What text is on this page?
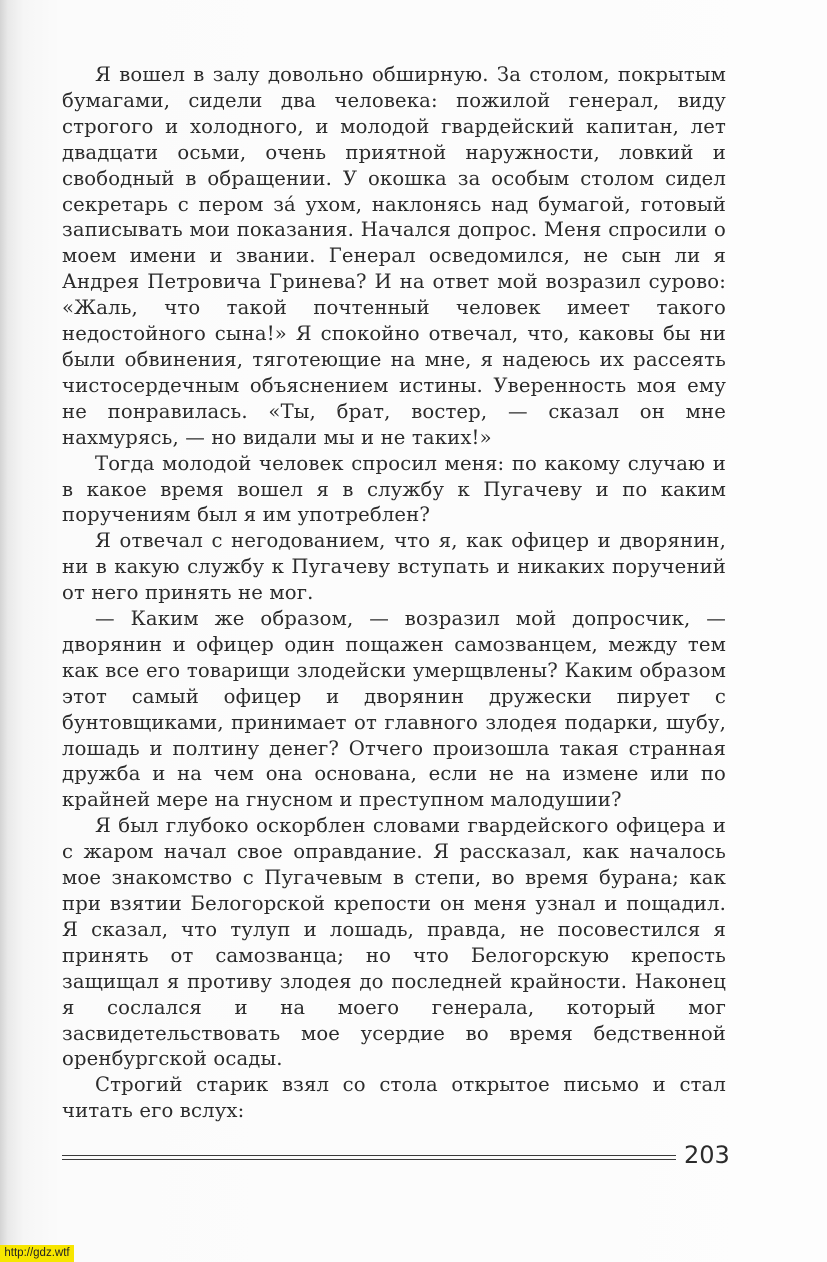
Я вошел в залу довольно обширную. За столом, покрытым бумагами, сидели два человека: пожилой генерал, виду строгого и холодного, и молодой гвардейский капитан, лет двадцати осьми, очень приятной наружности, ловкий и свободный в обращении. У окошка за особым столом сидел секретарь с пером за́ ухом, наклонясь над бумагой, готовый записывать мои показания. Начался допрос. Меня спросили о моем имени и звании. Генерал осведомился, не сын ли я Андрея Петровича Гринева? И на ответ мой возразил сурово: «Жаль, что такой почтенный человек имеет такого недостойного сына!» Я спокойно отвечал, что, каковы бы ни были обвинения, тяготеющие на мне, я надеюсь их рассеять чистосердечным объяснением истины. Уверенность моя ему не понравилась. «Ты, брат, востер, — сказал он мне нахмурясь, — но видали мы и не таких!»

Тогда молодой человек спросил меня: по какому случаю и в какое время вошел я в службу к Пугачеву и по каким поручениям был я им употреблен?

Я отвечал с негодованием, что я, как офицер и дворянин, ни в какую службу к Пугачеву вступать и никаких поручений от него принять не мог.

— Каким же образом, — возразил мой допросчик, — дворянин и офицер один пощажен самозванцем, между тем как все его товарищи злодейски умерщвлены? Каким образом этот самый офицер и дворянин дружески пирует с бунтовщиками, принимает от главного злодея подарки, шубу, лошадь и полтину денег? Отчего произошла такая странная дружба и на чем она основана, если не на измене или по крайней мере на гнусном и преступном малодушии?

Я был глубоко оскорблен словами гвардейского офицера и с жаром начал свое оправдание. Я рассказал, как началось мое знакомство с Пугачевым в степи, во время бурана; как при взятии Белогорской крепости он меня узнал и пощадил. Я сказал, что тулуп и лошадь, правда, не посовестился я принять от самозванца; но что Белогорскую крепость защищал я противу злодея до последней крайности. Наконец я сослался и на моего генерала, который мог засвидетельствовать мое усердие во время бедственной оренбургской осады.

Строгий старик взял со стола открытое письмо и стал читать его вслух:

203
http://gdz.wtf
